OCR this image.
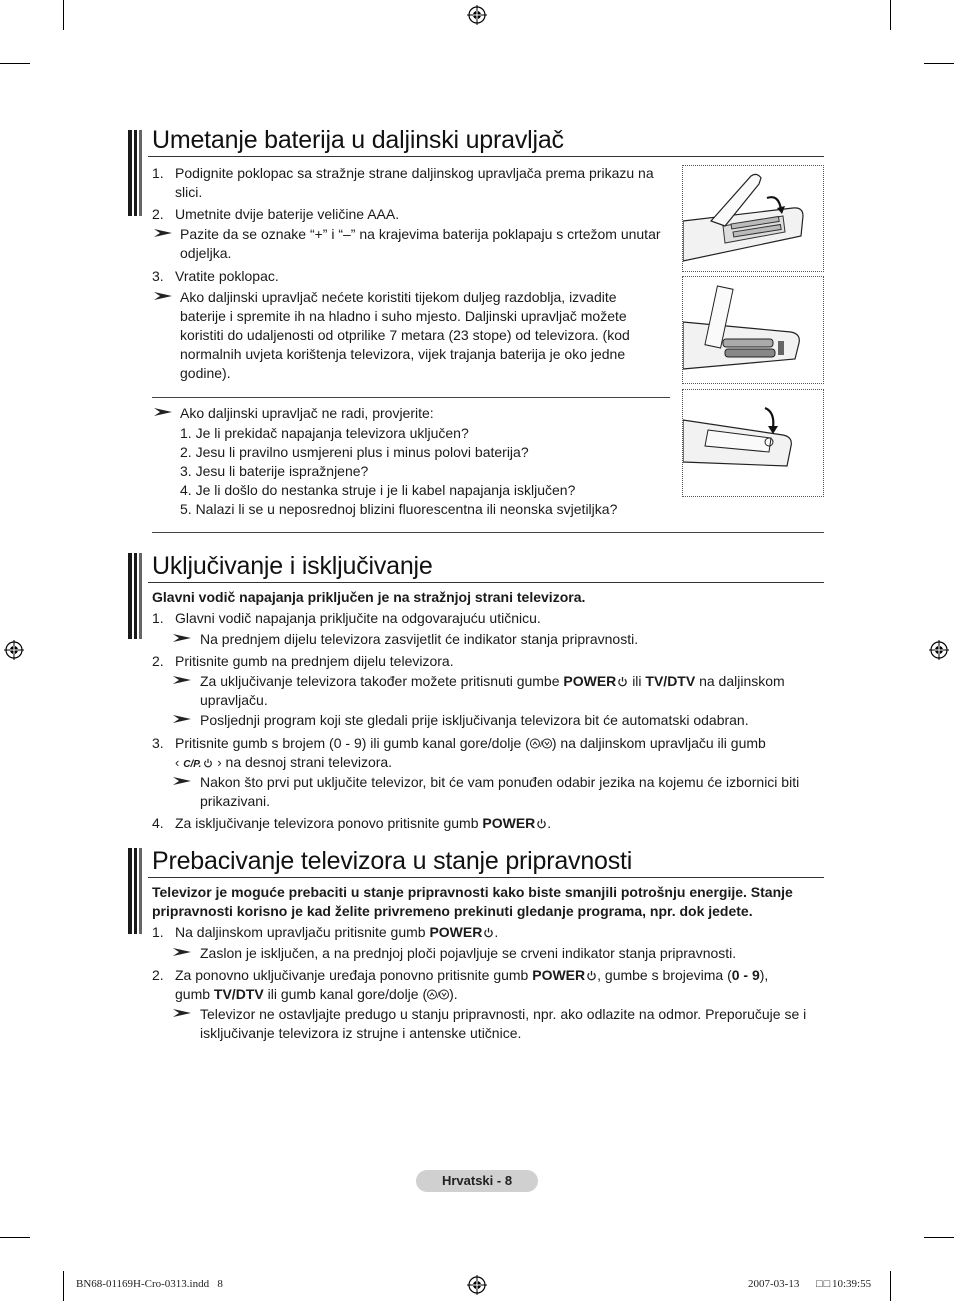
Umetanje baterija u daljinski upravljač
1. Podignite poklopac sa stražnje strane daljinskog upravljača prema prikazu na
slici.
2. Umetnite dvije baterije veličine AAA.
Pazite da se oznake “+” i “–” na krajevima baterija poklapaju s crtežom unutar
odjeljka.
3. Vratite poklopac.
Ako daljinski upravljač nećete koristiti tijekom duljeg razdoblja, izvadite
baterije i spremite ih na hladno i suho mjesto. Daljinski upravljač možete
koristiti do udaljenosti od otprilike 7 metara (23 stope) od televizora. (kod
normalnih uvjeta korištenja televizora, vijek trajanja baterija je oko jedne
godine).
Ako daljinski upravljač ne radi, provjerite:
1. Je li prekidač napajanja televizora uključen?
2. Jesu li pravilno usmjereni plus i minus polovi baterija?
3. Jesu li baterije ispražnjene?
4. Je li došlo do nestanka struje i je li kabel napajanja isključen?
5. Nalazi li se u neposrednoj blizini fluorescentna ili neonska svjetiljka?
Uključivanje i isključivanje
Glavni vodič napajanja priključen je na stražnjoj strani televizora.
1. Glavni vodič napajanja priključite na odgovarajuću utičnicu.
Na prednjem dijelu televizora zasvijetlit će indikator stanja pripravnosti.
2. Pritisnite gumb na prednjem dijelu televizora.
Za uključivanje televizora također možete pritisnuti gumbe POWER ili TV/DTV na daljinskom
upravljaču.
Posljednji program koji ste gledali prije isključivanja televizora bit će automatski odabran.
3. Pritisnite gumb s brojem (0 - 9) ili gumb kanal gore/dolje ( / ) na daljinskom upravljaču ili gumb
‹ C/P. › na desnoj strani televizora.
Nakon što prvi put uključite televizor, bit će vam ponuđen odabir jezika na kojemu će izbornici biti
prikazivani.
4. Za isključivanje televizora ponovo pritisnite gumb POWER .
Prebacivanje televizora u stanje pripravnosti
Televizor je moguće prebaciti u stanje pripravnosti kako biste smanjili potrošnju energije. Stanje
pripravnosti korisno je kad želite privremeno prekinuti gledanje programa, npr. dok jedete.
1. Na daljinskom upravljaču pritisnite gumb POWER .
Zaslon je isključen, a na prednjoj ploči pojavljuje se crveni indikator stanja pripravnosti.
2. Za ponovno uključivanje uređaja ponovno pritisnite gumb POWER , gumbe s brojevima (0 - 9),
gumb TV/DTV ili gumb kanal gore/dolje ( / ).
Televizor ne ostavljajte predugo u stanju pripravnosti, npr. ako odlazite na odmor. Preporučuje se i
isključivanje televizora iz strujne i antenske utičnice.
Hrvatski - 8
BN68-01169H-Cro-0313.indd   8	2007-03-13 □□ 10:39:55
